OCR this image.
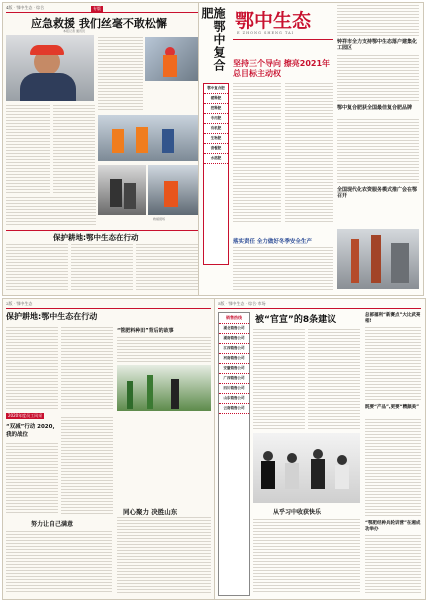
4版 · 鄂中生态 · 综合	专版
应急救援 我们丝毫不敢松懈
本报记者 通讯员
救援现场
保护耕地:鄂中生态在行动
施鄂中复合肥
鄂中复合肥
缓释肥
控释肥
专用肥
有机肥
生物肥
套餐肥
水溶肥
鄂中生态
E ZHONG SHENG TAI
坚持三个导向 擦亮2021年总目标主动权
落实责任 全力做好冬季安全生产
钟祥市全力支持鄂中生态落户建集化工园区
鄂中复合肥获全国最佳复合肥品牌
全国现代化农资服务模式推广会在鄂召开
2版 · 鄂中生态
保护耕地:鄂中生态在行动
“管肥料种田”背后的故事
2020年度员工风采
“双减”行动 2020,我的战位
同心聚力 决胜山东
努力让自己满意
5版 · 鄂中生态 · 综合·市场
销售热线
湖北销售公司
湖南销售公司
江西销售公司
河南销售公司
安徽销售公司
广西销售公司
四川销售公司
山东销售公司
云南销售公司
被“官宣”的8条建议
从乎习中收获快乐
总部福利“新赛点”大比武亮相!
既要“产品”,更要“精颜美”
“鄂肥经种兵轮训营”在湘成功举办
